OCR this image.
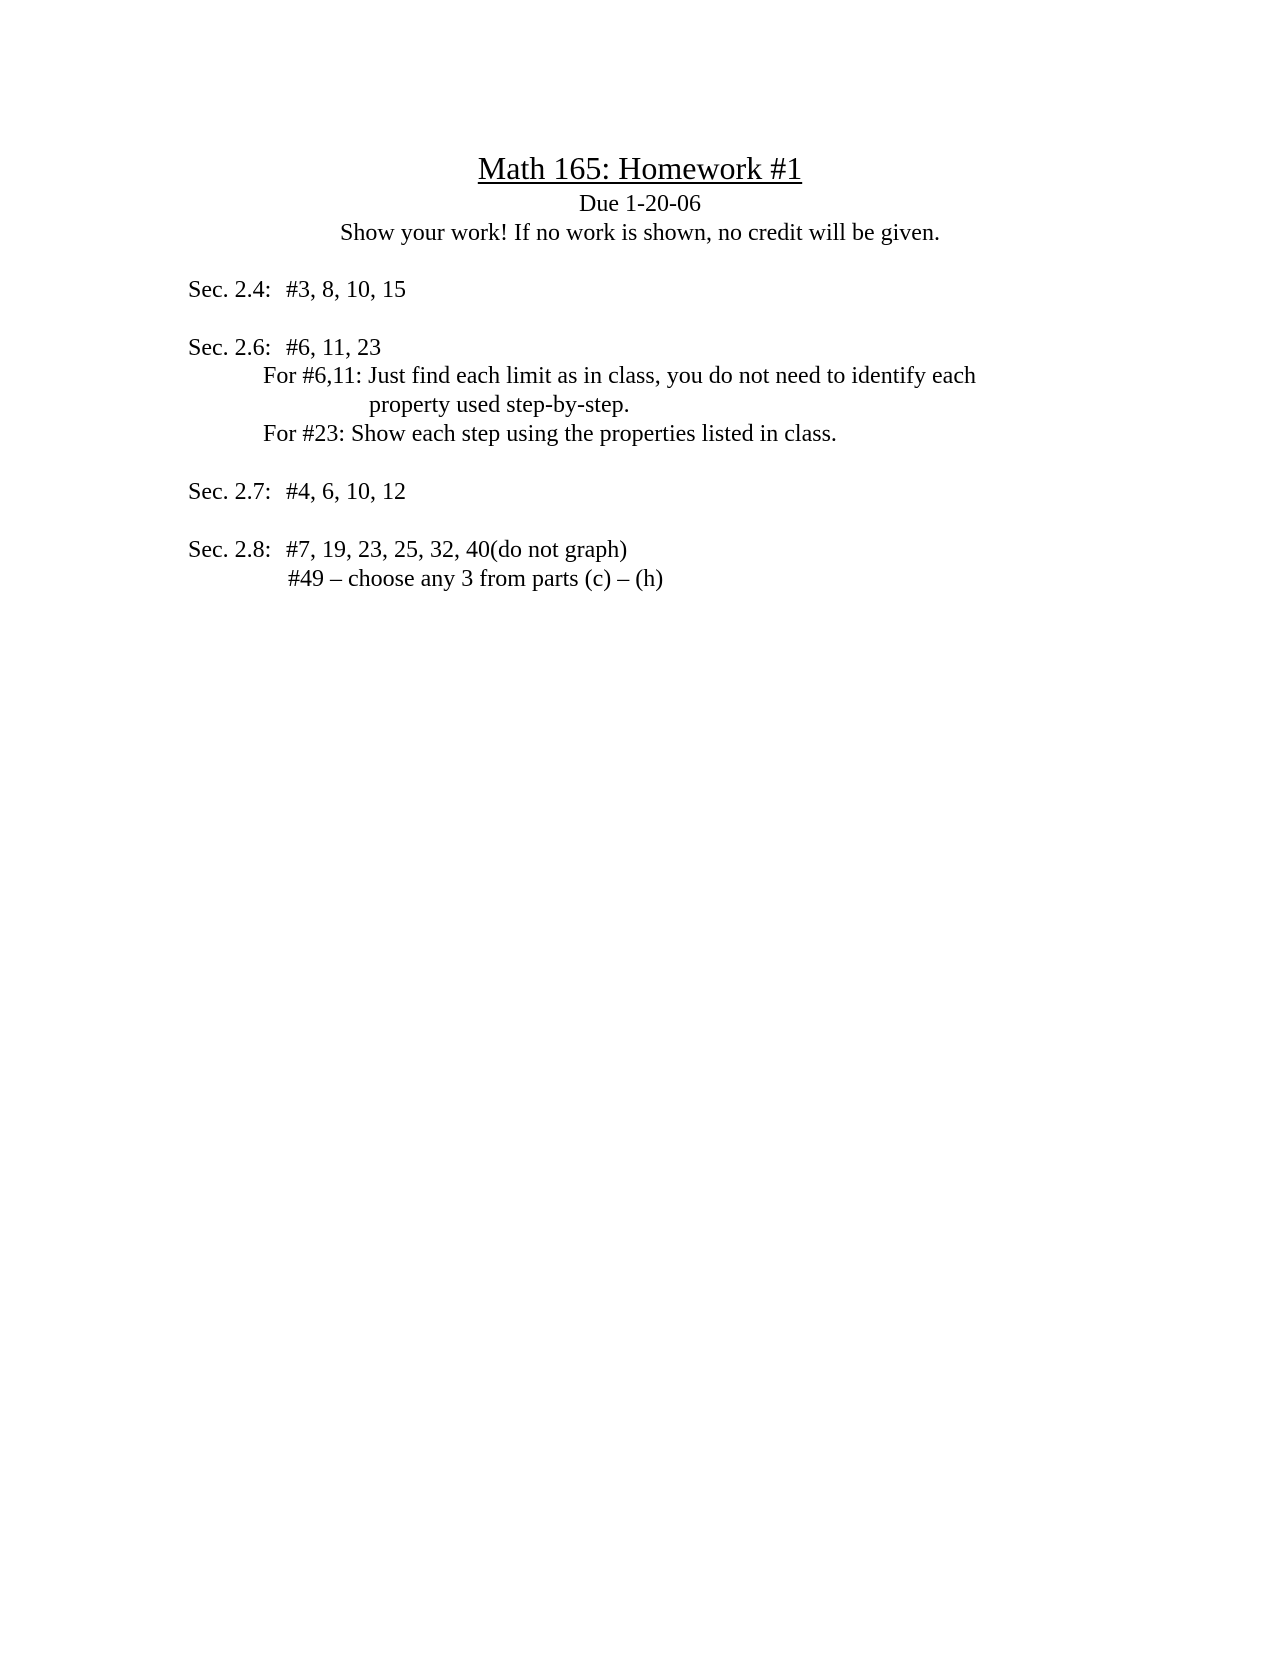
Math 165: Homework #1
Due 1-20-06
Show your work! If no work is shown, no credit will be given.
Sec. 2.4: #3, 8, 10, 15
Sec. 2.6: #6, 11, 23
For #6,11: Just find each limit as in class, you do not need to identify each
property used step-by-step.
For #23: Show each step using the properties listed in class.
Sec. 2.7: #4, 6, 10, 12
Sec. 2.8: #7, 19, 23, 25, 32, 40(do not graph)
#49 – choose any 3 from parts (c) – (h)
